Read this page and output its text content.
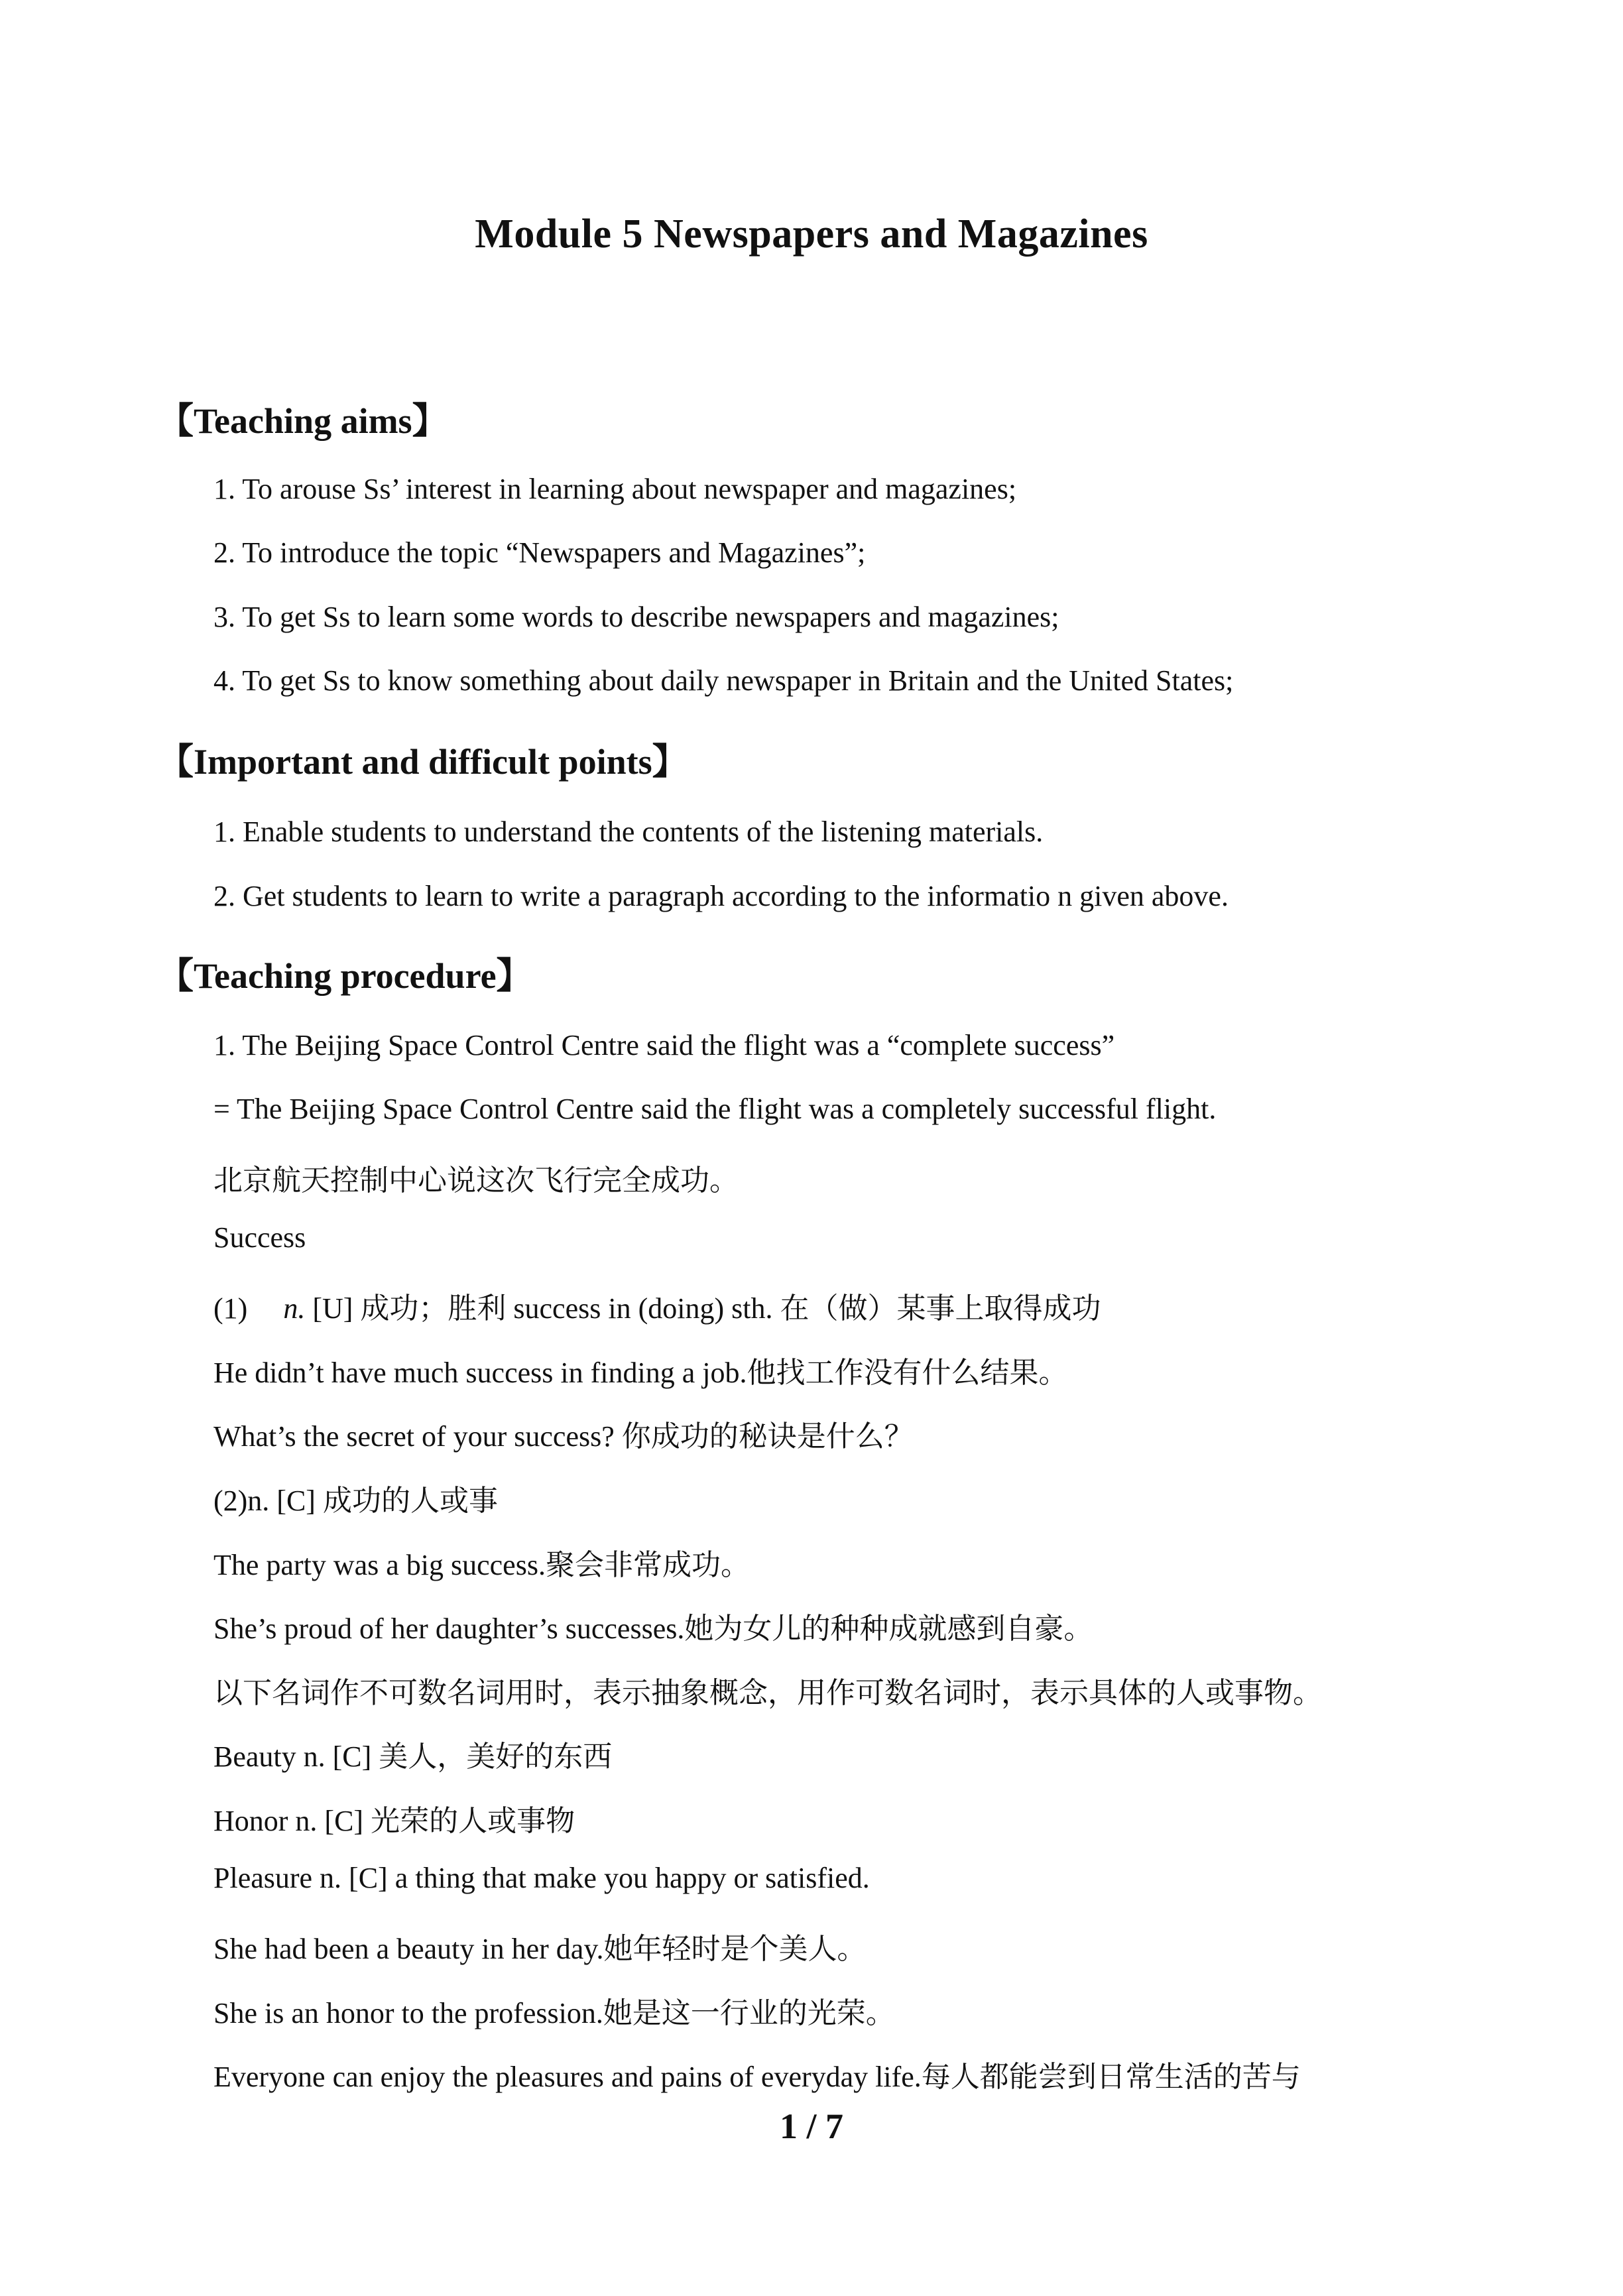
Module 5 Newspapers and Magazines
【Teaching aims】
1. To arouse Ss’ interest in learning about newspaper and magazines;
2. To introduce the topic “Newspapers and Magazines”;
3. To get Ss to learn some words to describe newspapers and magazines;
4. To get Ss to know something about daily newspaper in Britain and the United States;
【Important and difficult points】
1. Enable students to understand the contents of the listening materials.
2. Get students to learn to write a paragraph according to the informatio n given above.
【Teaching procedure】
1. The Beijing Space Control Centre said the flight was a “complete success”
= The Beijing Space Control Centre said the flight was a completely successful flight.
北京航天控制中心说这次飞行完全成功。
Success
(1) n. [U] 成功；胜利 success in (doing) sth. 在（做）某事上取得成功
He didn’t have much success in finding a job.他找工作没有什么结果。
What’s the secret of your success? 你成功的秘诀是什么？
(2)n. [C] 成功的人或事
The party was a big success.聚会非常成功。
She’s proud of her daughter’s successes.她为女儿的种种成就感到自豪。
以下名词作不可数名词用时，表示抽象概念，用作可数名词时，表示具体的人或事物。
Beauty n. [C] 美人，美好的东西
Honor n. [C] 光荣的人或事物
Pleasure n. [C] a thing that make you happy or satisfied.
She had been a beauty in her day.她年轻时是个美人。
She is an honor to the profession.她是这一行业的光荣。
Everyone can enjoy the pleasures and pains of everyday life.每人都能尝到日常生活的苦与
1 / 7
